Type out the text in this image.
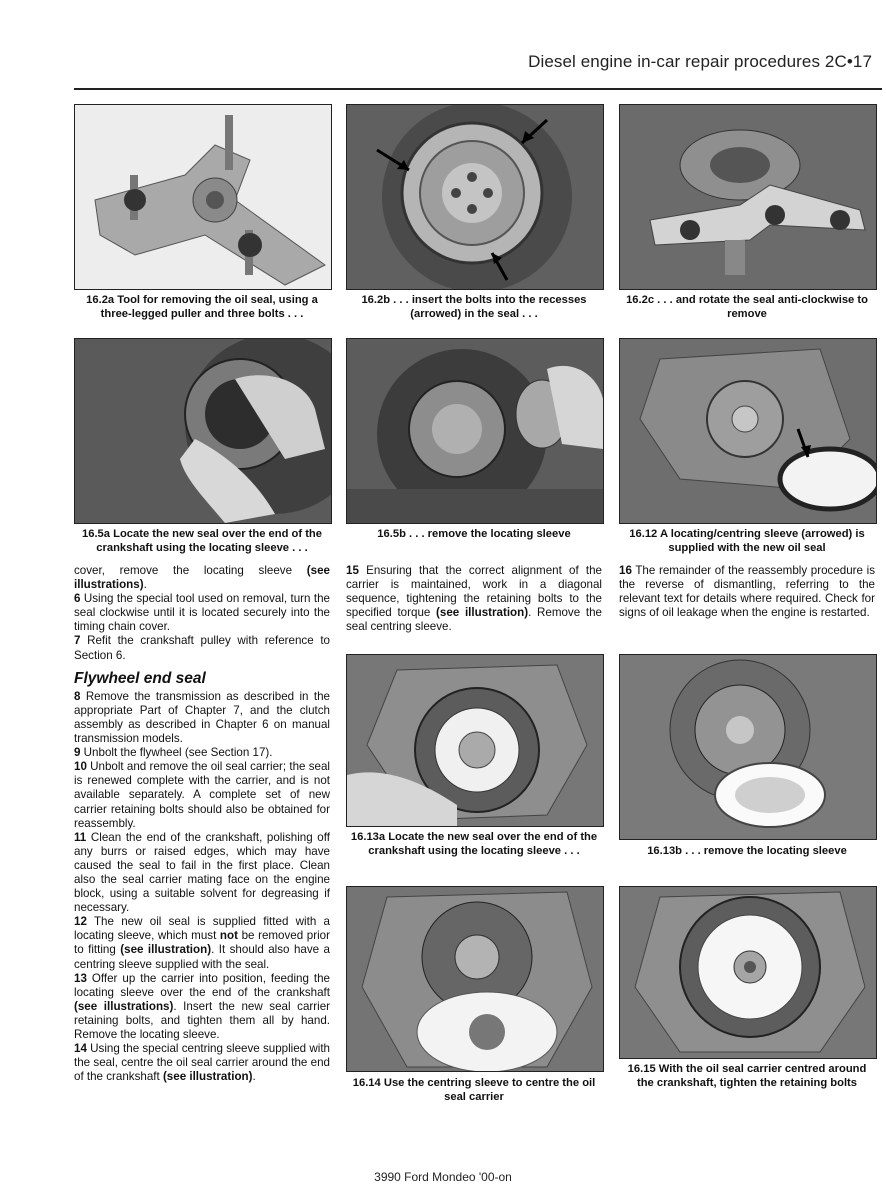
Diesel engine in-car repair procedures 2C•17
16.2a Tool for removing the oil seal, using a three-legged puller and three bolts . . .
16.2b . . . insert the bolts into the recesses (arrowed) in the seal . . .
16.2c . . . and rotate the seal anti-clockwise to remove
16.5a Locate the new seal over the end of the crankshaft using the locating sleeve . . .
16.5b . . . remove the locating sleeve	16.12 A locating/centring sleeve (arrowed) is supplied with the new oil seal

cover, remove the locating sleeve (see illustrations).

6 Using the special tool used on removal, turn the seal clockwise until it is located securely into the timing chain cover.

7 Refit the crankshaft pulley with reference to Section 6.

Flywheel end seal

8 Remove the transmission as described in the appropriate Part of Chapter 7, and the clutch assembly as described in Chapter 6 on manual transmission models.

9 Unbolt the flywheel (see Section 17).

10 Unbolt and remove the oil seal carrier; the seal is renewed complete with the carrier, and is not available separately. A complete set of new carrier retaining bolts should also be obtained for reassembly.

11 Clean the end of the crankshaft, polishing off any burrs or raised edges, which may have caused the seal to fail in the first place. Clean also the seal carrier mating face on the engine block, using a suitable solvent for degreasing if necessary.

12 The new oil seal is supplied fitted with a locating sleeve, which must not be removed prior to fitting (see illustration). It should also have a centring sleeve supplied with the seal.

13 Offer up the carrier into position, feeding the locating sleeve over the end of the crankshaft (see illustrations). Insert the new seal carrier retaining bolts, and tighten them all by hand. Remove the locating sleeve.

14 Using the special centring sleeve supplied with the seal, centre the oil seal carrier around the end of the crankshaft (see illustration).

15 Ensuring that the correct alignment of the carrier is maintained, work in a diagonal sequence, tightening the retaining bolts to the specified torque (see illustration). Remove the seal centring sleeve.

16 The remainder of the reassembly procedure is the reverse of dismantling, referring to the relevant text for details where required. Check for signs of oil leakage when the engine is restarted.

16.13a Locate the new seal over the end of the crankshaft using the locating sleeve . . .	16.13b . . . remove the locating sleeve
16.14 Use the centring sleeve to centre the oil seal carrier
16.15 With the oil seal carrier centred around the crankshaft, tighten the retaining bolts
3990 Ford Mondeo '00-on
